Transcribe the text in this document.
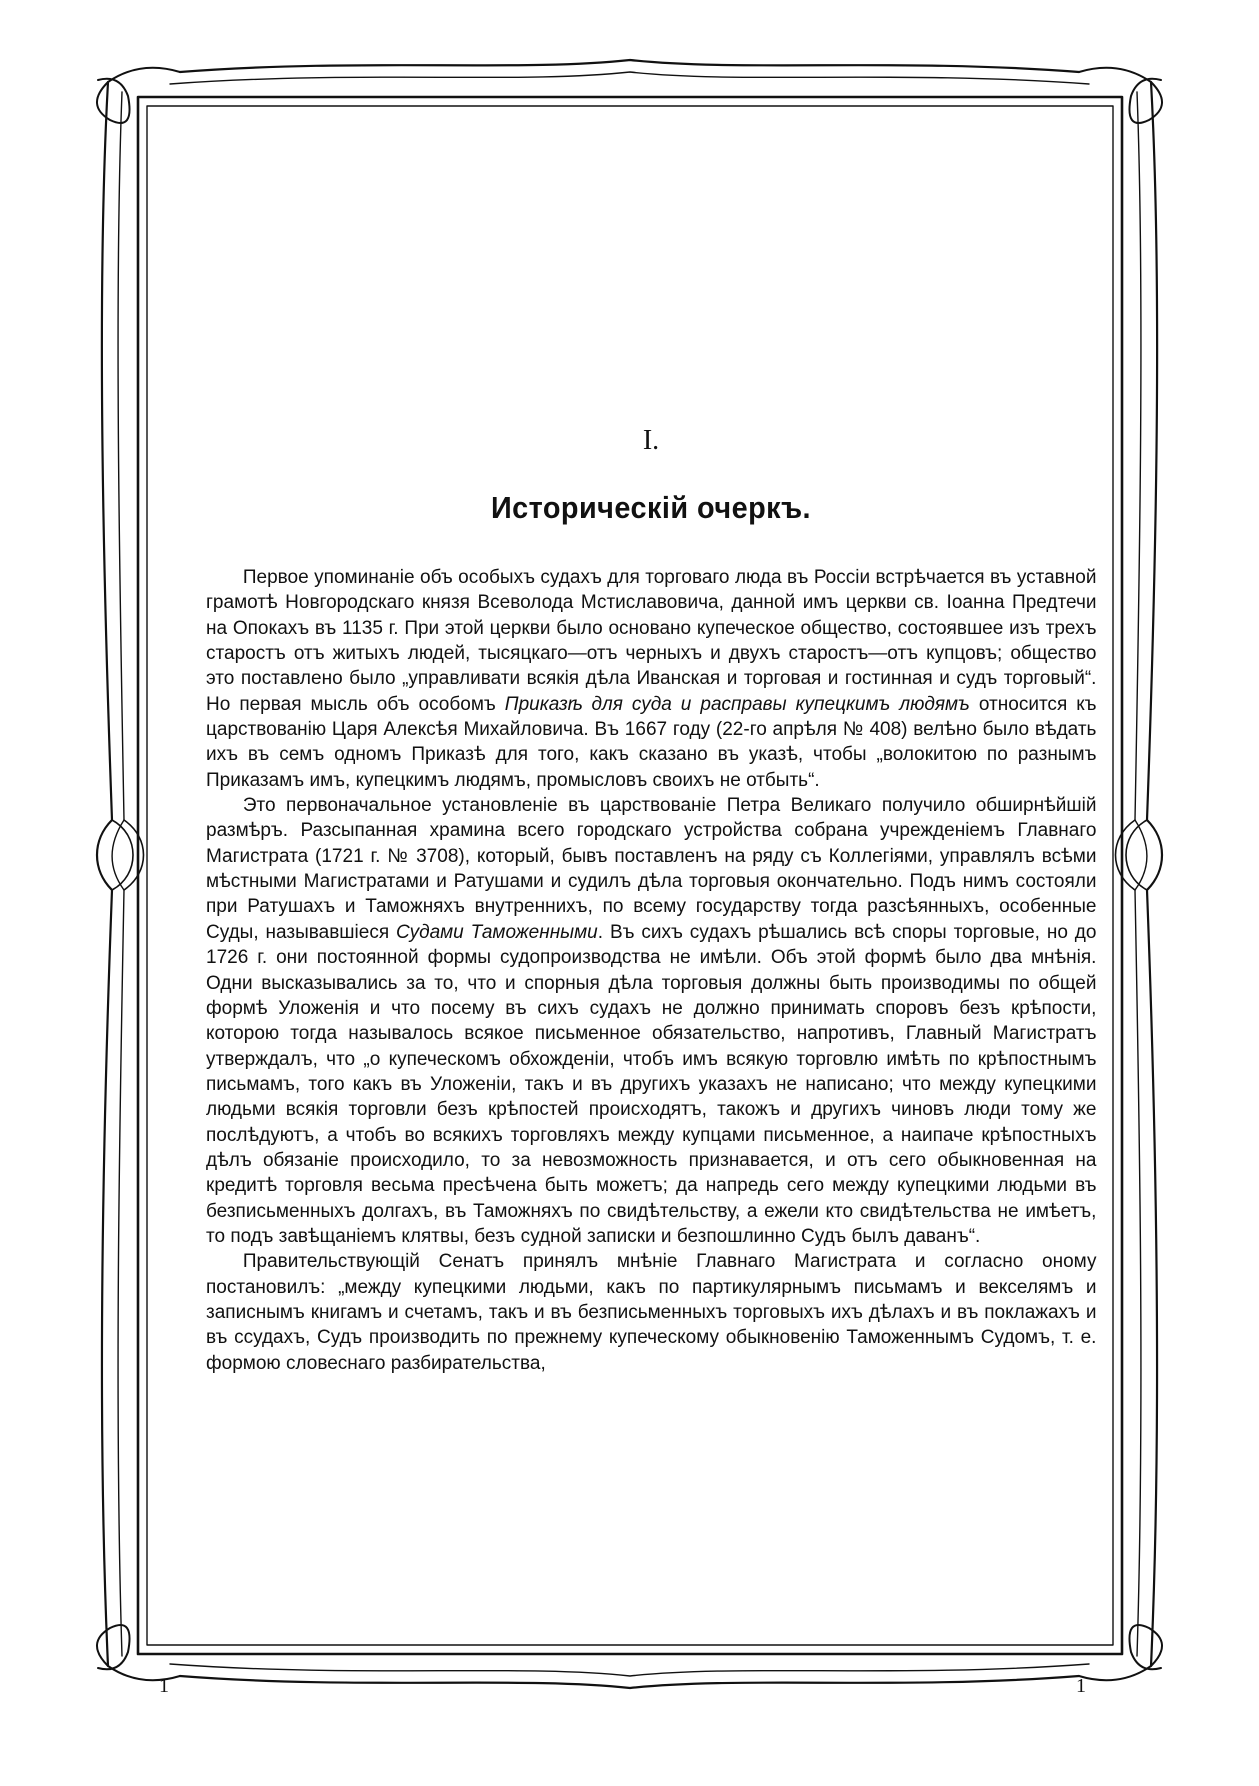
I.
Историческій очеркъ.

Первое упоминаніе объ особыхъ судахъ для торговаго люда въ Россіи встрѣчается въ уставной грамотѣ Новгородскаго князя Всеволода Мстиславовича, данной имъ церкви св. Іоанна Предтечи на Опокахъ въ 1135 г. При этой церкви было основано купеческое общество, состоявшее изъ трехъ старостъ отъ житыхъ людей, тысяцкаго—отъ черныхъ и двухъ старостъ—отъ купцовъ; общество это поставлено было „управливати всякія дѣла Иванская и торговая и гостинная и судъ торговый“. Но первая мысль объ особомъ Приказѣ для суда и расправы купецкимъ людямъ относится къ царствованію Царя Алексѣя Михайловича. Въ 1667 году (22-го апрѣля № 408) велѣно было вѣдать ихъ въ семъ одномъ Приказѣ для того, какъ сказано въ указѣ, чтобы „волокитою по разнымъ Приказамъ имъ, купецкимъ людямъ, промысловъ своихъ не отбыть“.

Это первоначальное установленіе въ царствованіе Петра Великаго получило обширнѣйшій размѣръ. Разсыпанная храмина всего городскаго устройства собрана учрежденіемъ Главнаго Магистрата (1721 г. № 3708), который, бывъ поставленъ на ряду съ Коллегіями, управлялъ всѣми мѣстными Магистратами и Ратушами и судилъ дѣла торговыя окончательно. Подъ нимъ состояли при Ратушахъ и Таможняхъ внутреннихъ, по всему государству тогда разсѣянныхъ, особенные Суды, называвшіеся Судами Таможенными. Въ сихъ судахъ рѣшались всѣ споры торговые, но до 1726 г. они постоянной формы судопроизводства не имѣли. Объ этой формѣ было два мнѣнія. Одни высказывались за то, что и спорныя дѣла торговыя должны быть производимы по общей формѣ Уложенія и что посему въ сихъ судахъ не должно принимать споровъ безъ крѣпости, которою тогда называлось всякое письменное обязательство, напротивъ, Главный Магистратъ утверждалъ, что „о купеческомъ обхожденіи, чтобъ имъ всякую торговлю имѣть по крѣпостнымъ письмамъ, того какъ въ Уложеніи, такъ и въ другихъ указахъ не написано; что между купецкими людьми всякія торговли безъ крѣпостей происходятъ, такожъ и другихъ чиновъ люди тому же послѣдуютъ, а чтобъ во всякихъ торговляхъ между купцами письменное, а наипаче крѣпостныхъ дѣлъ обязаніе происходило, то за невозможность признавается, и отъ сего обыкновенная на кредитѣ торговля весьма пресѣчена быть можетъ; да напредь сего между купецкими людьми въ безписьменныхъ долгахъ, въ Таможняхъ по свидѣтельству, а ежели кто свидѣтельства не имѣетъ, то подъ завѣщаніемъ клятвы, безъ судной записки и безпошлинно Судъ былъ даванъ“.

Правительствующій Сенатъ принялъ мнѣніе Главнаго Магистрата и согласно оному постановилъ: „между купецкими людьми, какъ по партикулярнымъ письмамъ и векселямъ и записнымъ книгамъ и счетамъ, такъ и въ безписьменныхъ торговыхъ ихъ дѣлахъ и въ поклажахъ и въ ссудахъ, Судъ производить по прежнему купеческому обыкновенію Таможеннымъ Судомъ, т. е. формою словеснаго разбирательства,

1	1
